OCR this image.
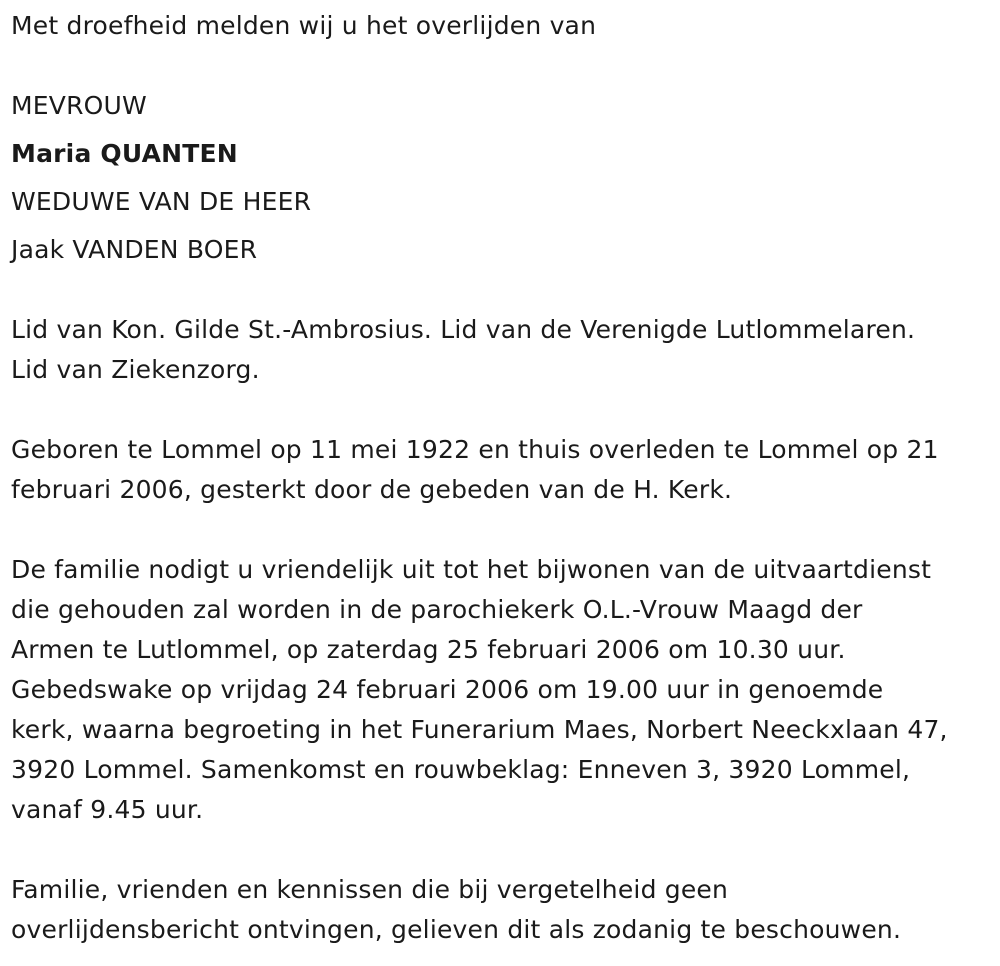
Met droefheid melden wij u het overlijden van
MEVROUW
Maria QUANTEN
WEDUWE VAN DE HEER
Jaak VANDEN BOER
Lid van Kon. Gilde St.-Ambrosius. Lid van de Verenigde Lutlommelaren.
Lid van Ziekenzorg.
Geboren te Lommel op 11 mei 1922 en thuis overleden te Lommel op 21
februari 2006, gesterkt door de gebeden van de H. Kerk.
De familie nodigt u vriendelijk uit tot het bijwonen van de uitvaartdienst
die gehouden zal worden in de parochiekerk O.L.-Vrouw Maagd der
Armen te Lutlommel, op zaterdag 25 februari 2006 om 10.30 uur.
Gebedswake op vrijdag 24 februari 2006 om 19.00 uur in genoemde
kerk, waarna begroeting in het Funerarium Maes, Norbert Neeckxlaan 47,
3920 Lommel. Samenkomst en rouwbeklag: Enneven 3, 3920 Lommel,
vanaf 9.45 uur.
Familie, vrienden en kennissen die bij vergetelheid geen
overlijdensbericht ontvingen, gelieven dit als zodanig te beschouwen.
